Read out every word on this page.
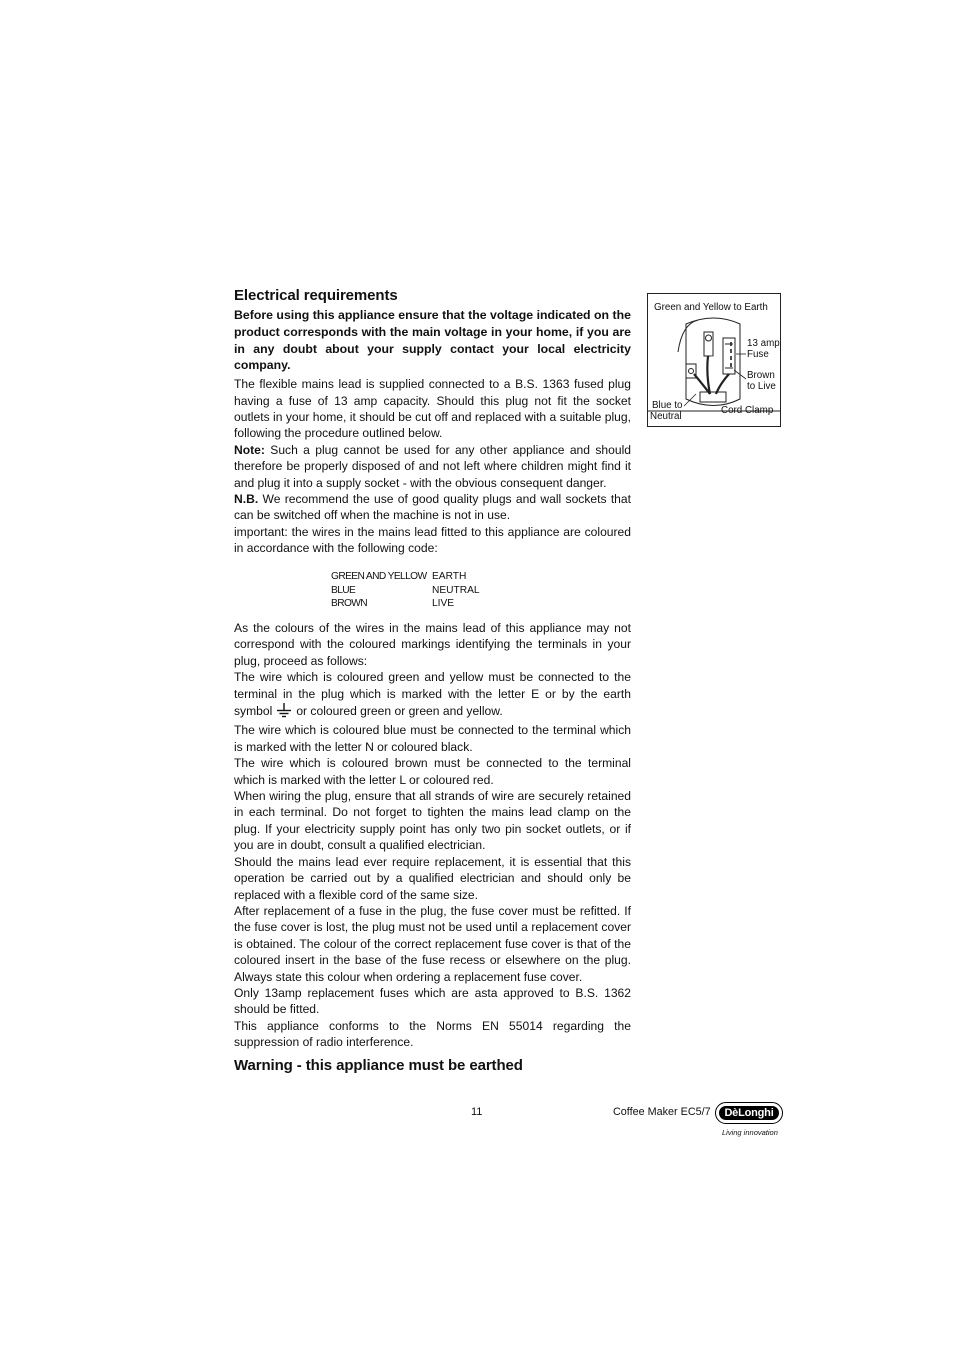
Electrical requirements

Before using this appliance ensure that the voltage indicated on the product corresponds with the main voltage in your home, if you are in any doubt about your supply contact your local electricity company.

The flexible mains lead is supplied connected to a B.S. 1363 fused plug having a fuse of 13 amp capacity. Should this plug not fit the socket outlets in your home, it should be cut off and replaced with a suitable plug, following the procedure outlined below.

Note: Such a plug cannot be used for any other appliance and should therefore be properly disposed of and not left where children might find it and plug it into a supply socket - with the obvious consequent danger.

N.B. We recommend the use of good quality plugs and wall sockets that can be switched off when the machine is not in use.

important: the wires in the mains lead fitted to this appliance are coloured in accordance with the following code:

GREEN AND YELLOW EARTH
BLUE	NEUTRAL
BROWN	LIVE

As the colours of the wires in the mains lead of this appliance may not correspond with the coloured markings identifying the terminals in your plug, proceed as follows:

The wire which is coloured green and yellow must be connected to the terminal in the plug which is marked with the letter E or by the earth symbol or coloured green or green and yellow.

The wire which is coloured blue must be connected to the terminal which is marked with the letter N or coloured black.

The wire which is coloured brown must be connected to the terminal which is marked with the letter L or coloured red.

When wiring the plug, ensure that all strands of wire are securely retained in each terminal. Do not forget to tighten the mains lead clamp on the plug. If your electricity supply point has only two pin socket outlets, or if you are in doubt, consult a qualified electrician.

Should the mains lead ever require replacement, it is essential that this operation be carried out by a qualified electrician and should only be replaced with a flexible cord of the same size.

After replacement of a fuse in the plug, the fuse cover must be refitted. If the fuse cover is lost, the plug must not be used until a replacement cover is obtained. The colour of the correct replacement fuse cover is that of the coloured insert in the base of the fuse recess or elsewhere on the plug. Always state this colour when ordering a replacement fuse cover.

Only 13amp replacement fuses which are asta approved to B.S. 1362 should be fitted.

This appliance conforms to the Norms EN 55014 regarding the suppression of radio interference.

Warning - this appliance must be earthed
Green and Yellow to Earth
13 amp
Fuse
Brown
to Live
Blue to
Neutral
Cord Clamp
11	Coffee Maker EC5/7	DèLonghi
Living innovation
